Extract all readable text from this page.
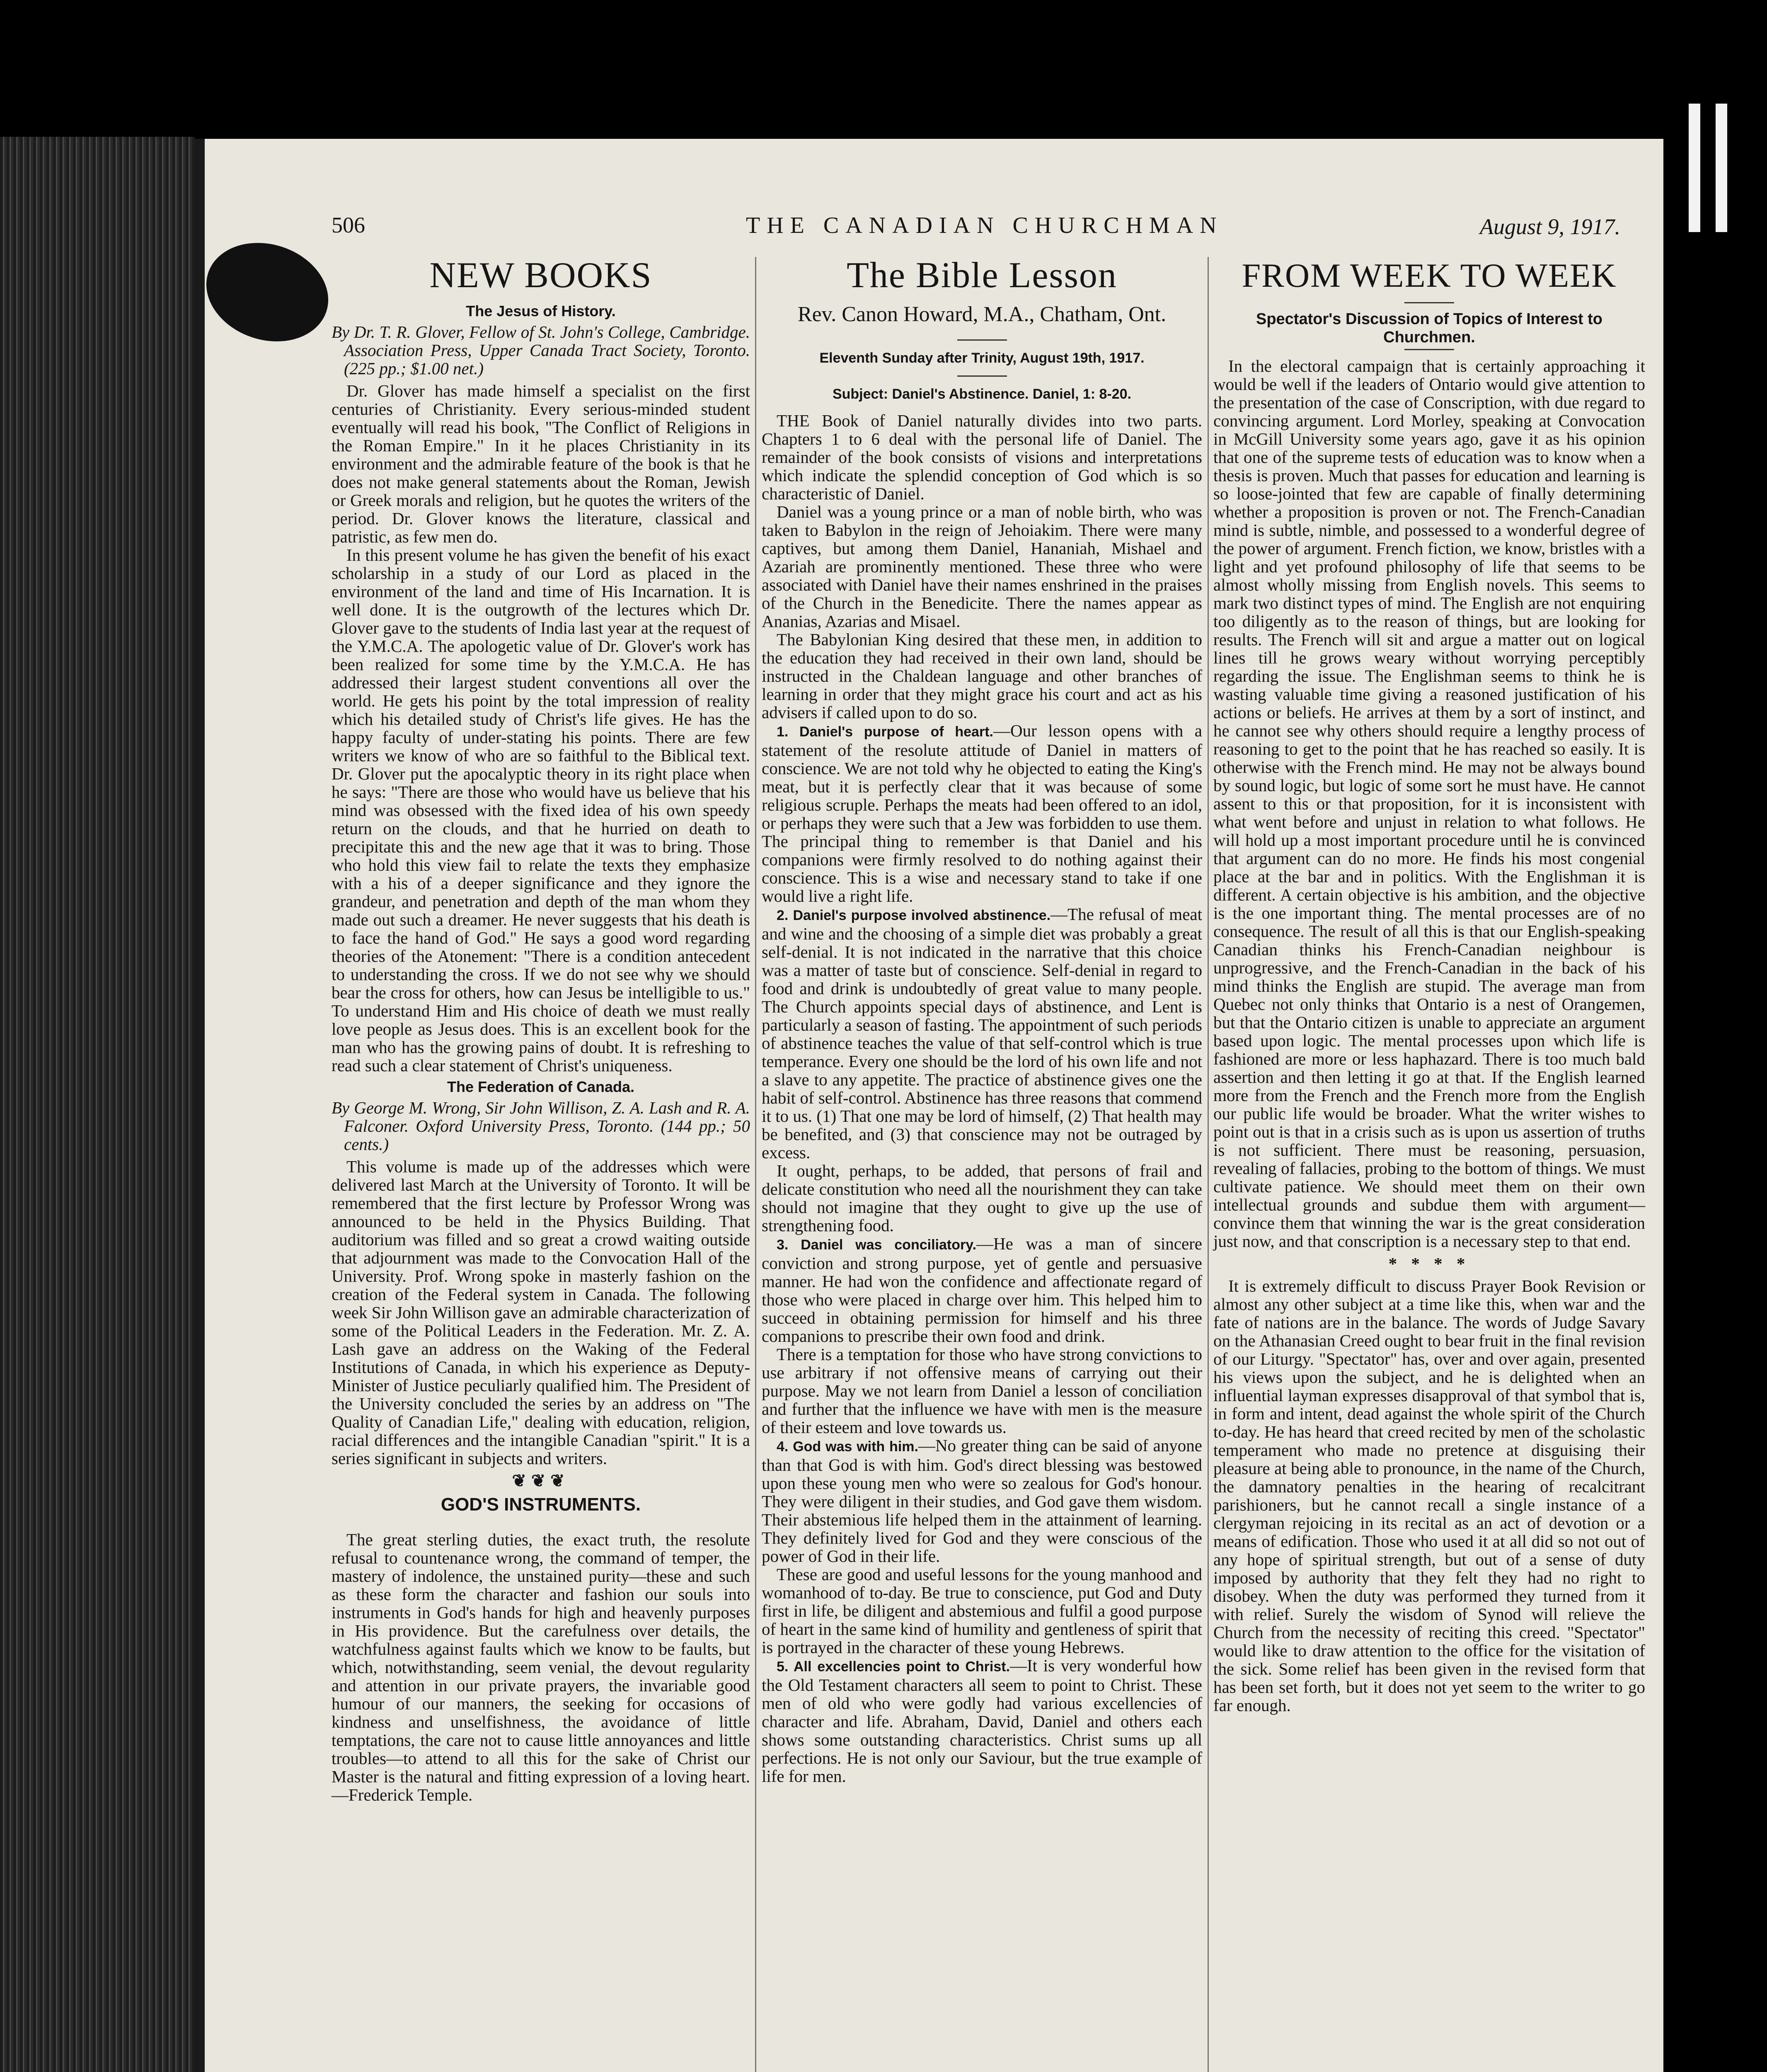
506	THE CANADIAN CHURCHMAN	August 9, 1917.
NEW BOOKS
The Jesus of History.
By Dr. T. R. Glover, Fellow of St. John's College, Cambridge. Association Press, Upper Canada Tract Society, Toronto. (225 pp.; $1.00 net.)

Dr. Glover has made himself a specialist on the first centuries of Christianity. Every serious-minded student eventually will read his book, "The Conflict of Religions in the Roman Empire." In it he places Christianity in its environment and the admirable feature of the book is that he does not make general statements about the Roman, Jewish or Greek morals and religion, but he quotes the writers of the period. Dr. Glover knows the literature, classical and patristic, as few men do.

In this present volume he has given the benefit of his exact scholarship in a study of our Lord as placed in the environment of the land and time of His Incarnation. It is well done. It is the outgrowth of the lectures which Dr. Glover gave to the students of India last year at the request of the Y.M.C.A. The apologetic value of Dr. Glover's work has been realized for some time by the Y.M.C.A. He has addressed their largest student conventions all over the world. He gets his point by the total impression of reality which his detailed study of Christ's life gives. He has the happy faculty of under-stating his points. There are few writers we know of who are so faithful to the Biblical text. Dr. Glover put the apocalyptic theory in its right place when he says: "There are those who would have us believe that his mind was obsessed with the fixed idea of his own speedy return on the clouds, and that he hurried on death to precipitate this and the new age that it was to bring. Those who hold this view fail to relate the texts they emphasize with a his of a deeper significance and they ignore the grandeur, and penetration and depth of the man whom they made out such a dreamer. He never suggests that his death is to face the hand of God." He says a good word regarding theories of the Atonement: "There is a condition antecedent to understanding the cross. If we do not see why we should bear the cross for others, how can Jesus be intelligible to us." To understand Him and His choice of death we must really love people as Jesus does. This is an excellent book for the man who has the growing pains of doubt. It is refreshing to read such a clear statement of Christ's uniqueness.

The Federation of Canada.
By George M. Wrong, Sir John Willison, Z. A. Lash and R. A. Falconer. Oxford University Press, Toronto. (144 pp.; 50 cents.)

This volume is made up of the addresses which were delivered last March at the University of Toronto. It will be remembered that the first lecture by Professor Wrong was announced to be held in the Physics Building. That auditorium was filled and so great a crowd waiting outside that adjournment was made to the Convocation Hall of the University. Prof. Wrong spoke in masterly fashion on the creation of the Federal system in Canada. The following week Sir John Willison gave an admirable characterization of some of the Political Leaders in the Federation. Mr. Z. A. Lash gave an address on the Waking of the Federal Institutions of Canada, in which his experience as Deputy-Minister of Justice peculiarly qualified him. The President of the University concluded the series by an address on "The Quality of Canadian Life," dealing with education, religion, racial differences and the intangible Canadian "spirit." It is a series significant in subjects and writers.

❦❦❦
GOD'S INSTRUMENTS.

The great sterling duties, the exact truth, the resolute refusal to countenance wrong, the command of temper, the mastery of indolence, the unstained purity—these and such as these form the character and fashion our souls into instruments in God's hands for high and heavenly purposes in His providence. But the carefulness over details, the watchfulness against faults which we know to be faults, but which, notwithstanding, seem venial, the devout regularity and attention in our private prayers, the invariable good humour of our manners, the seeking for occasions of kindness and unselfishness, the avoidance of little temptations, the care not to cause little annoyances and little troubles—to attend to all this for the sake of Christ our Master is the natural and fitting expression of a loving heart.—Frederick Temple.

The Bible Lesson
Rev. Canon Howard, M.A., Chatham, Ont.
Eleventh Sunday after Trinity, August 19th, 1917.
Subject: Daniel's Abstinence. Daniel, 1: 8-20.

THE Book of Daniel naturally divides into two parts. Chapters 1 to 6 deal with the personal life of Daniel. The remainder of the book consists of visions and interpretations which indicate the splendid conception of God which is so characteristic of Daniel.

Daniel was a young prince or a man of noble birth, who was taken to Babylon in the reign of Jehoiakim. There were many captives, but among them Daniel, Hananiah, Mishael and Azariah are prominently mentioned. These three who were associated with Daniel have their names enshrined in the praises of the Church in the Benedicite. There the names appear as Ananias, Azarias and Misael.

The Babylonian King desired that these men, in addition to the education they had received in their own land, should be instructed in the Chaldean language and other branches of learning in order that they might grace his court and act as his advisers if called upon to do so.

1. Daniel's purpose of heart.—Our lesson opens with a statement of the resolute attitude of Daniel in matters of conscience. We are not told why he objected to eating the King's meat, but it is perfectly clear that it was because of some religious scruple. Perhaps the meats had been offered to an idol, or perhaps they were such that a Jew was forbidden to use them. The principal thing to remember is that Daniel and his companions were firmly resolved to do nothing against their conscience. This is a wise and necessary stand to take if one would live a right life.

2. Daniel's purpose involved abstinence.—The refusal of meat and wine and the choosing of a simple diet was probably a great self-denial. It is not indicated in the narrative that this choice was a matter of taste but of conscience. Self-denial in regard to food and drink is undoubtedly of great value to many people. The Church appoints special days of abstinence, and Lent is particularly a season of fasting. The appointment of such periods of abstinence teaches the value of that self-control which is true temperance. Every one should be the lord of his own life and not a slave to any appetite. The practice of abstinence gives one the habit of self-control. Abstinence has three reasons that commend it to us. (1) That one may be lord of himself, (2) That health may be benefited, and (3) that conscience may not be outraged by excess.

It ought, perhaps, to be added, that persons of frail and delicate constitution who need all the nourishment they can take should not imagine that they ought to give up the use of strengthening food.

3. Daniel was conciliatory.—He was a man of sincere conviction and strong purpose, yet of gentle and persuasive manner. He had won the confidence and affectionate regard of those who were placed in charge over him. This helped him to succeed in obtaining permission for himself and his three companions to prescribe their own food and drink.

There is a temptation for those who have strong convictions to use arbitrary if not offensive means of carrying out their purpose. May we not learn from Daniel a lesson of conciliation and further that the influence we have with men is the measure of their esteem and love towards us.

4. God was with him.—No greater thing can be said of anyone than that God is with him. God's direct blessing was bestowed upon these young men who were so zealous for God's honour. They were diligent in their studies, and God gave them wisdom. Their abstemious life helped them in the attainment of learning. They definitely lived for God and they were conscious of the power of God in their life.

These are good and useful lessons for the young manhood and womanhood of to-day. Be true to conscience, put God and Duty first in life, be diligent and abstemious and fulfil a good purpose of heart in the same kind of humility and gentleness of spirit that is portrayed in the character of these young Hebrews.

5. All excellencies point to Christ.—It is very wonderful how the Old Testament characters all seem to point to Christ. These men of old who were godly had various excellencies of character and life. Abraham, David, Daniel and others each shows some outstanding characteristics. Christ sums up all perfections. He is not only our Saviour, but the true example of life for men.

FROM WEEK TO WEEK
Spectator's Discussion of Topics of Interest to Churchmen.

In the electoral campaign that is certainly approaching it would be well if the leaders of Ontario would give attention to the presentation of the case of Conscription, with due regard to convincing argument. Lord Morley, speaking at Convocation in McGill University some years ago, gave it as his opinion that one of the supreme tests of education was to know when a thesis is proven. Much that passes for education and learning is so loose-jointed that few are capable of finally determining whether a proposition is proven or not. The French-Canadian mind is subtle, nimble, and possessed to a wonderful degree of the power of argument. French fiction, we know, bristles with a light and yet profound philosophy of life that seems to be almost wholly missing from English novels. This seems to mark two distinct types of mind. The English are not enquiring too diligently as to the reason of things, but are looking for results. The French will sit and argue a matter out on logical lines till he grows weary without worrying perceptibly regarding the issue. The Englishman seems to think he is wasting valuable time giving a reasoned justification of his actions or beliefs. He arrives at them by a sort of instinct, and he cannot see why others should require a lengthy process of reasoning to get to the point that he has reached so easily. It is otherwise with the French mind. He may not be always bound by sound logic, but logic of some sort he must have. He cannot assent to this or that proposition, for it is inconsistent with what went before and unjust in relation to what follows. He will hold up a most important procedure until he is convinced that argument can do no more. He finds his most congenial place at the bar and in politics. With the Englishman it is different. A certain objective is his ambition, and the objective is the one important thing. The mental processes are of no consequence. The result of all this is that our English-speaking Canadian thinks his French-Canadian neighbour is unprogressive, and the French-Canadian in the back of his mind thinks the English are stupid. The average man from Quebec not only thinks that Ontario is a nest of Orangemen, but that the Ontario citizen is unable to appreciate an argument based upon logic. The mental processes upon which life is fashioned are more or less haphazard. There is too much bald assertion and then letting it go at that. If the English learned more from the French and the French more from the English our public life would be broader. What the writer wishes to point out is that in a crisis such as is upon us assertion of truths is not sufficient. There must be reasoning, persuasion, revealing of fallacies, probing to the bottom of things. We must cultivate patience. We should meet them on their own intellectual grounds and subdue them with argument—convince them that winning the war is the great consideration just now, and that conscription is a necessary step to that end.

* * * *

It is extremely difficult to discuss Prayer Book Revision or almost any other subject at a time like this, when war and the fate of nations are in the balance. The words of Judge Savary on the Athanasian Creed ought to bear fruit in the final revision of our Liturgy. "Spectator" has, over and over again, presented his views upon the subject, and he is delighted when an influential layman expresses disapproval of that symbol that is, in form and intent, dead against the whole spirit of the Church to-day. He has heard that creed recited by men of the scholastic temperament who made no pretence at disguising their pleasure at being able to pronounce, in the name of the Church, the damnatory penalties in the hearing of recalcitrant parishioners, but he cannot recall a single instance of a clergyman rejoicing in its recital as an act of devotion or a means of edification. Those who used it at all did so not out of any hope of spiritual strength, but out of a sense of duty imposed by authority that they felt they had no right to disobey. When the duty was performed they turned from it with relief. Surely the wisdom of Synod will relieve the Church from the necessity of reciting this creed. "Spectator" would like to draw attention to the office for the visitation of the sick. Some relief has been given in the revised form that has been set forth, but it does not yet seem to the writer to go far enough.
